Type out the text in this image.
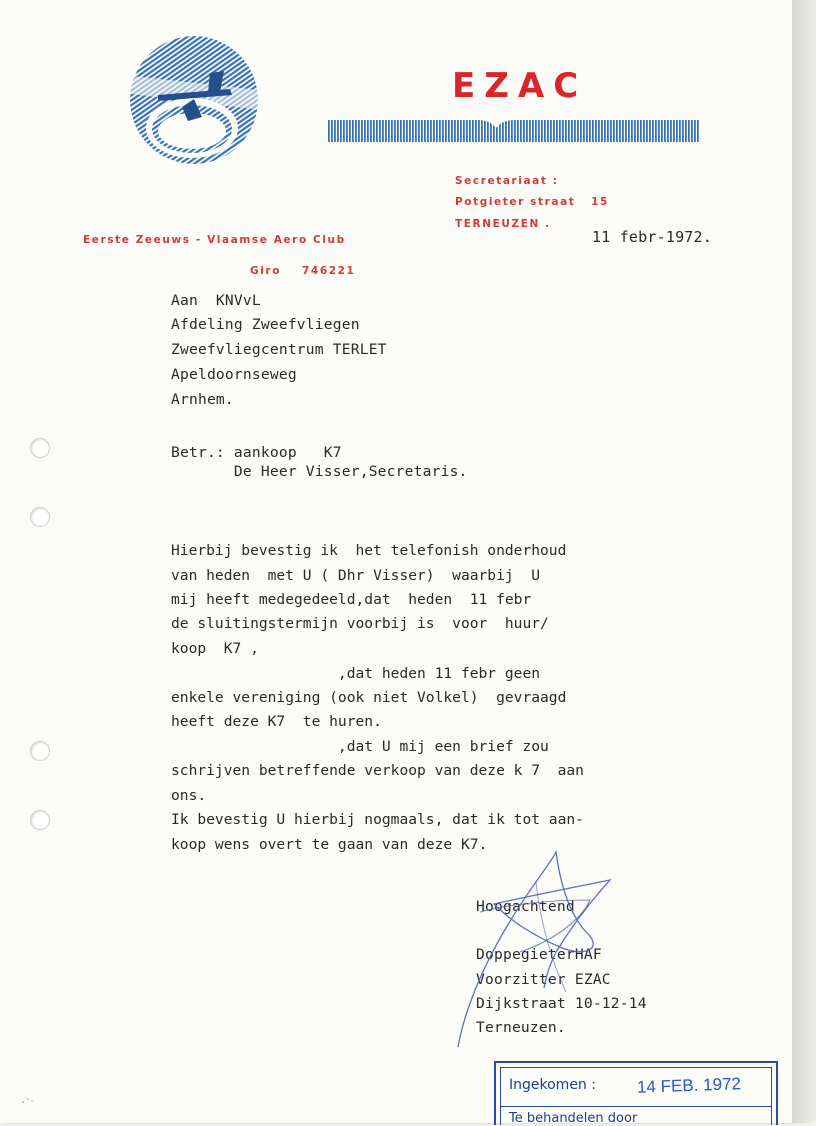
EZAC

Secretariaat :

Potgieter straat   15

TERNEUZEN .

Eerste Zeeuws - Vlaamse Aero Club

Giro    746221

11 febr-1972.

Aan  KNVvL

Afdeling Zweefvliegen

Zweefvliegcentrum TERLET

Apeldoornseweg

Arnhem.

Betr.: aankoop   K7

De Heer Visser,Secretaris.

Hierbij bevestig ik  het telefonish onderhoud

van heden  met U ( Dhr Visser)  waarbij  U

mij heeft medegedeeld,dat  heden  11 febr

de sluitingstermijn voorbij is  voor  huur/

koop  K7 ,

,dat heden 11 febr geen

enkele vereniging (ook niet Volkel)  gevraagd

heeft deze K7  te huren.

,dat U mij een brief zou

schrijven betreffende verkoop van deze k 7  aan

ons.

Ik bevestig U hierbij nogmaals, dat ik tot aan-

koop wens overt te gaan van deze K7.

Hoogachtend

DoppegieterHAF

Voorzitter EZAC

Dijkstraat 10-12-14

Terneuzen.

Ingekomen : 14 FEB. 1972

Te behandelen door
